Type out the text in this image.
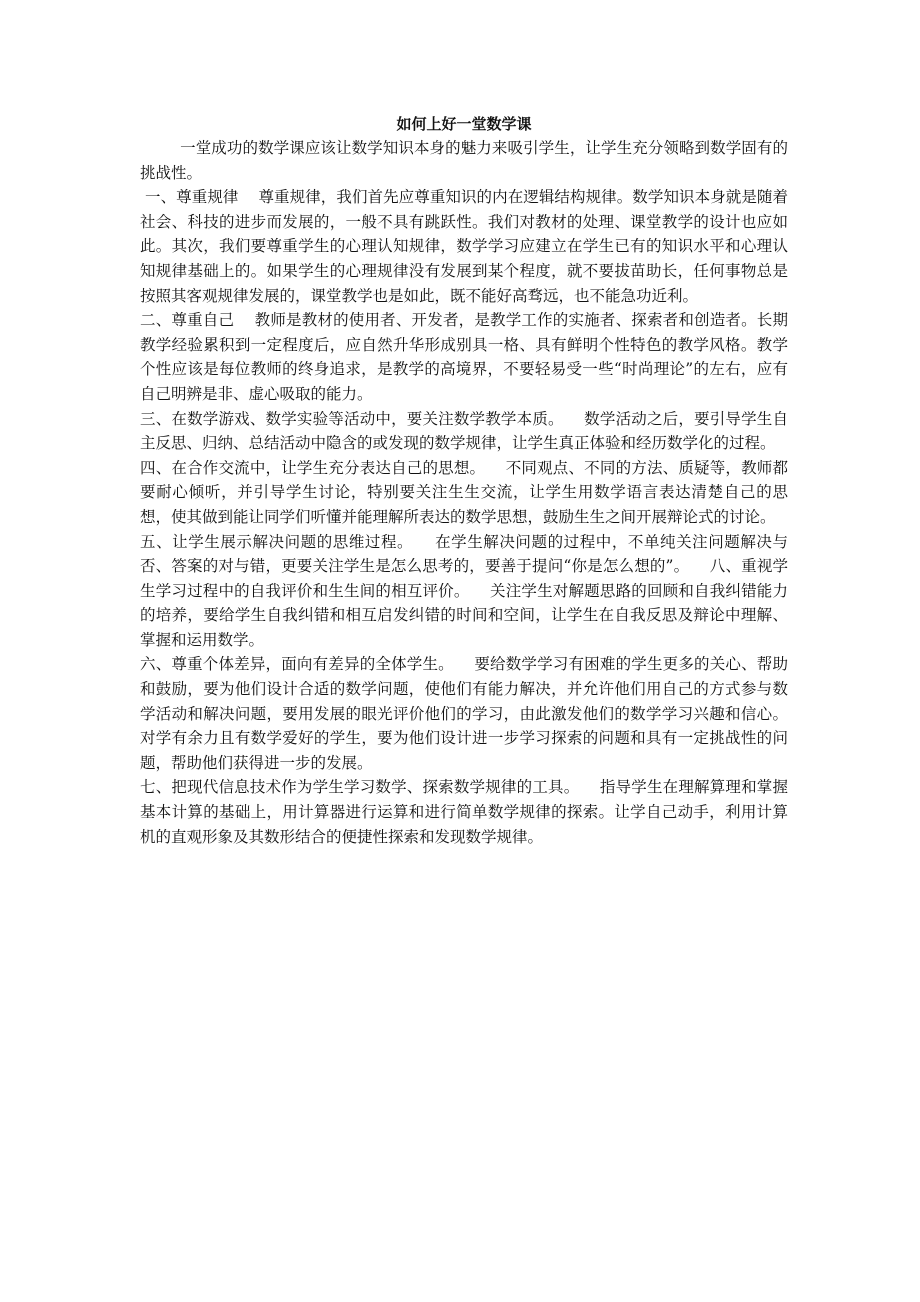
如何上好一堂数学课

一堂成功的数学课应该让数学知识本身的魅力来吸引学生，让学生充分领略到数学固有的挑战性。

一、尊重规律    尊重规律，我们首先应尊重知识的内在逻辑结构规律。数学知识本身就是随着社会、科技的进步而发展的，一般不具有跳跃性。我们对教材的处理、课堂教学的设计也应如此。其次，我们要尊重学生的心理认知规律，数学学习应建立在学生已有的知识水平和心理认知规律基础上的。如果学生的心理规律没有发展到某个程度，就不要拔苗助长，任何事物总是按照其客观规律发展的，课堂教学也是如此，既不能好高骛远，也不能急功近利。

二、尊重自己    教师是教材的使用者、开发者，是教学工作的实施者、探索者和创造者。长期教学经验累积到一定程度后，应自然升华形成别具一格、具有鲜明个性特色的教学风格。教学个性应该是每位教师的终身追求，是教学的高境界，不要轻易受一些“时尚理论”的左右，应有自己明辨是非、虚心吸取的能力。

三、在数学游戏、数学实验等活动中，要关注数学教学本质。    数学活动之后，要引导学生自主反思、归纳、总结活动中隐含的或发现的数学规律，让学生真正体验和经历数学化的过程。

四、在合作交流中，让学生充分表达自己的思想。    不同观点、不同的方法、质疑等，教师都要耐心倾听，并引导学生讨论，特别要关注生生交流，让学生用数学语言表达清楚自己的思想，使其做到能让同学们听懂并能理解所表达的数学思想，鼓励生生之间开展辩论式的讨论。

五、让学生展示解决问题的思维过程。    在学生解决问题的过程中，不单纯关注问题解决与否、答案的对与错，更要关注学生是怎么思考的，要善于提问“你是怎么想的”。    八、重视学生学习过程中的自我评价和生生间的相互评价。    关注学生对解题思路的回顾和自我纠错能力的培养，要给学生自我纠错和相互启发纠错的时间和空间，让学生在自我反思及辩论中理解、掌握和运用数学。

六、尊重个体差异，面向有差异的全体学生。    要给数学学习有困难的学生更多的关心、帮助和鼓励，要为他们设计合适的数学问题，使他们有能力解决，并允许他们用自己的方式参与数学活动和解决问题，要用发展的眼光评价他们的学习，由此激发他们的数学学习兴趣和信心。对学有余力且有数学爱好的学生，要为他们设计进一步学习探索的问题和具有一定挑战性的问题，帮助他们获得进一步的发展。

七、把现代信息技术作为学生学习数学、探索数学规律的工具。    指导学生在理解算理和掌握基本计算的基础上，用计算器进行运算和进行简单数学规律的探索。让学自己动手，利用计算机的直观形象及其数形结合的便捷性探索和发现数学规律。
